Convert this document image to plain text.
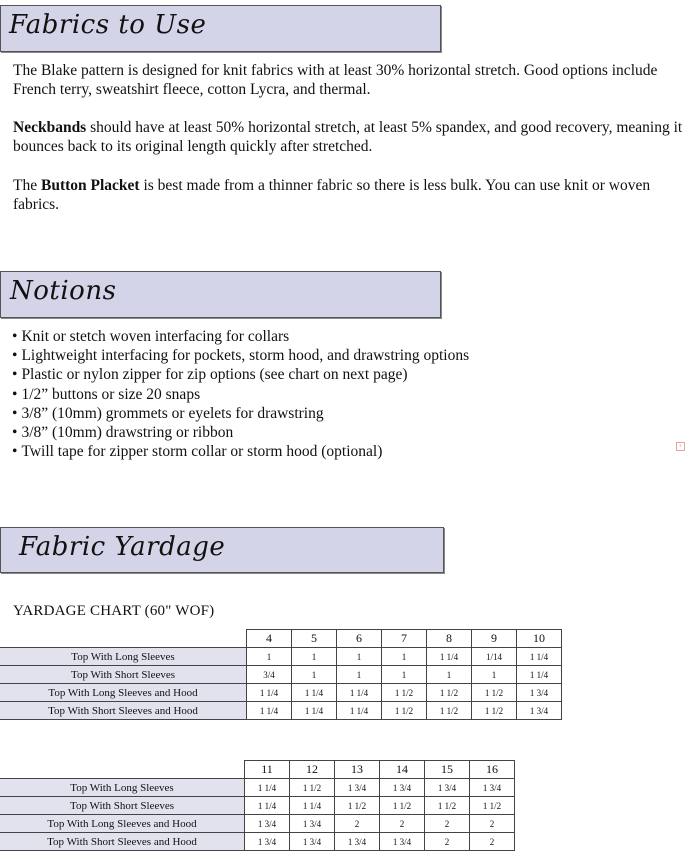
Fabrics to Use

The Blake pattern is designed for knit fabrics with at least 30% horizontal stretch. Good options include French terry, sweatshirt fleece, cotton Lycra, and thermal.

Neckbands should have at least 50% horizontal stretch, at least 5% spandex, and good recovery, meaning it bounces back to its original length quickly after stretched.

The Button Placket is best made from a thinner fabric so there is less bulk. You can use knit or woven fabrics.

Notions
• Knit or stetch woven interfacing for collars
• Lightweight interfacing for pockets, storm hood, and drawstring options
• Plastic or nylon zipper for zip options (see chart on next page)
• 1/2” buttons or size 20 snaps
• 3/8” (10mm) grommets or eyelets for drawstring
• 3/8” (10mm) drawstring or ribbon
• Twill tape for zipper storm collar or storm hood (optional)	+
Fabric Yardage
YARDAGE CHART (60" WOF)
	4	5	6	7	8	9	10
Top With Long Sleeves	1	1	1	1	1 1/4	1/14	1 1/4
Top With Short Sleeves	3/4	1	1	1	1	1	1 1/4
Top With Long Sleeves and Hood	1 1/4	1 1/4	1 1/4	1 1/2	1 1/2	1 1/2	1 3/4
Top With Short Sleeves and Hood	1 1/4	1 1/4	1 1/4	1 1/2	1 1/2	1 1/2	1 3/4
	11	12	13	14	15	16
Top With Long Sleeves	1 1/4	1 1/2	1 3/4	1 3/4	1 3/4	1 3/4
Top With Short Sleeves	1 1/4	1 1/4	1 1/2	1 1/2	1 1/2	1 1/2
Top With Long Sleeves and Hood	1 3/4	1 3/4	2	2	2	2
Top With Short Sleeves and Hood	1 3/4	1 3/4	1 3/4	1 3/4	2	2
